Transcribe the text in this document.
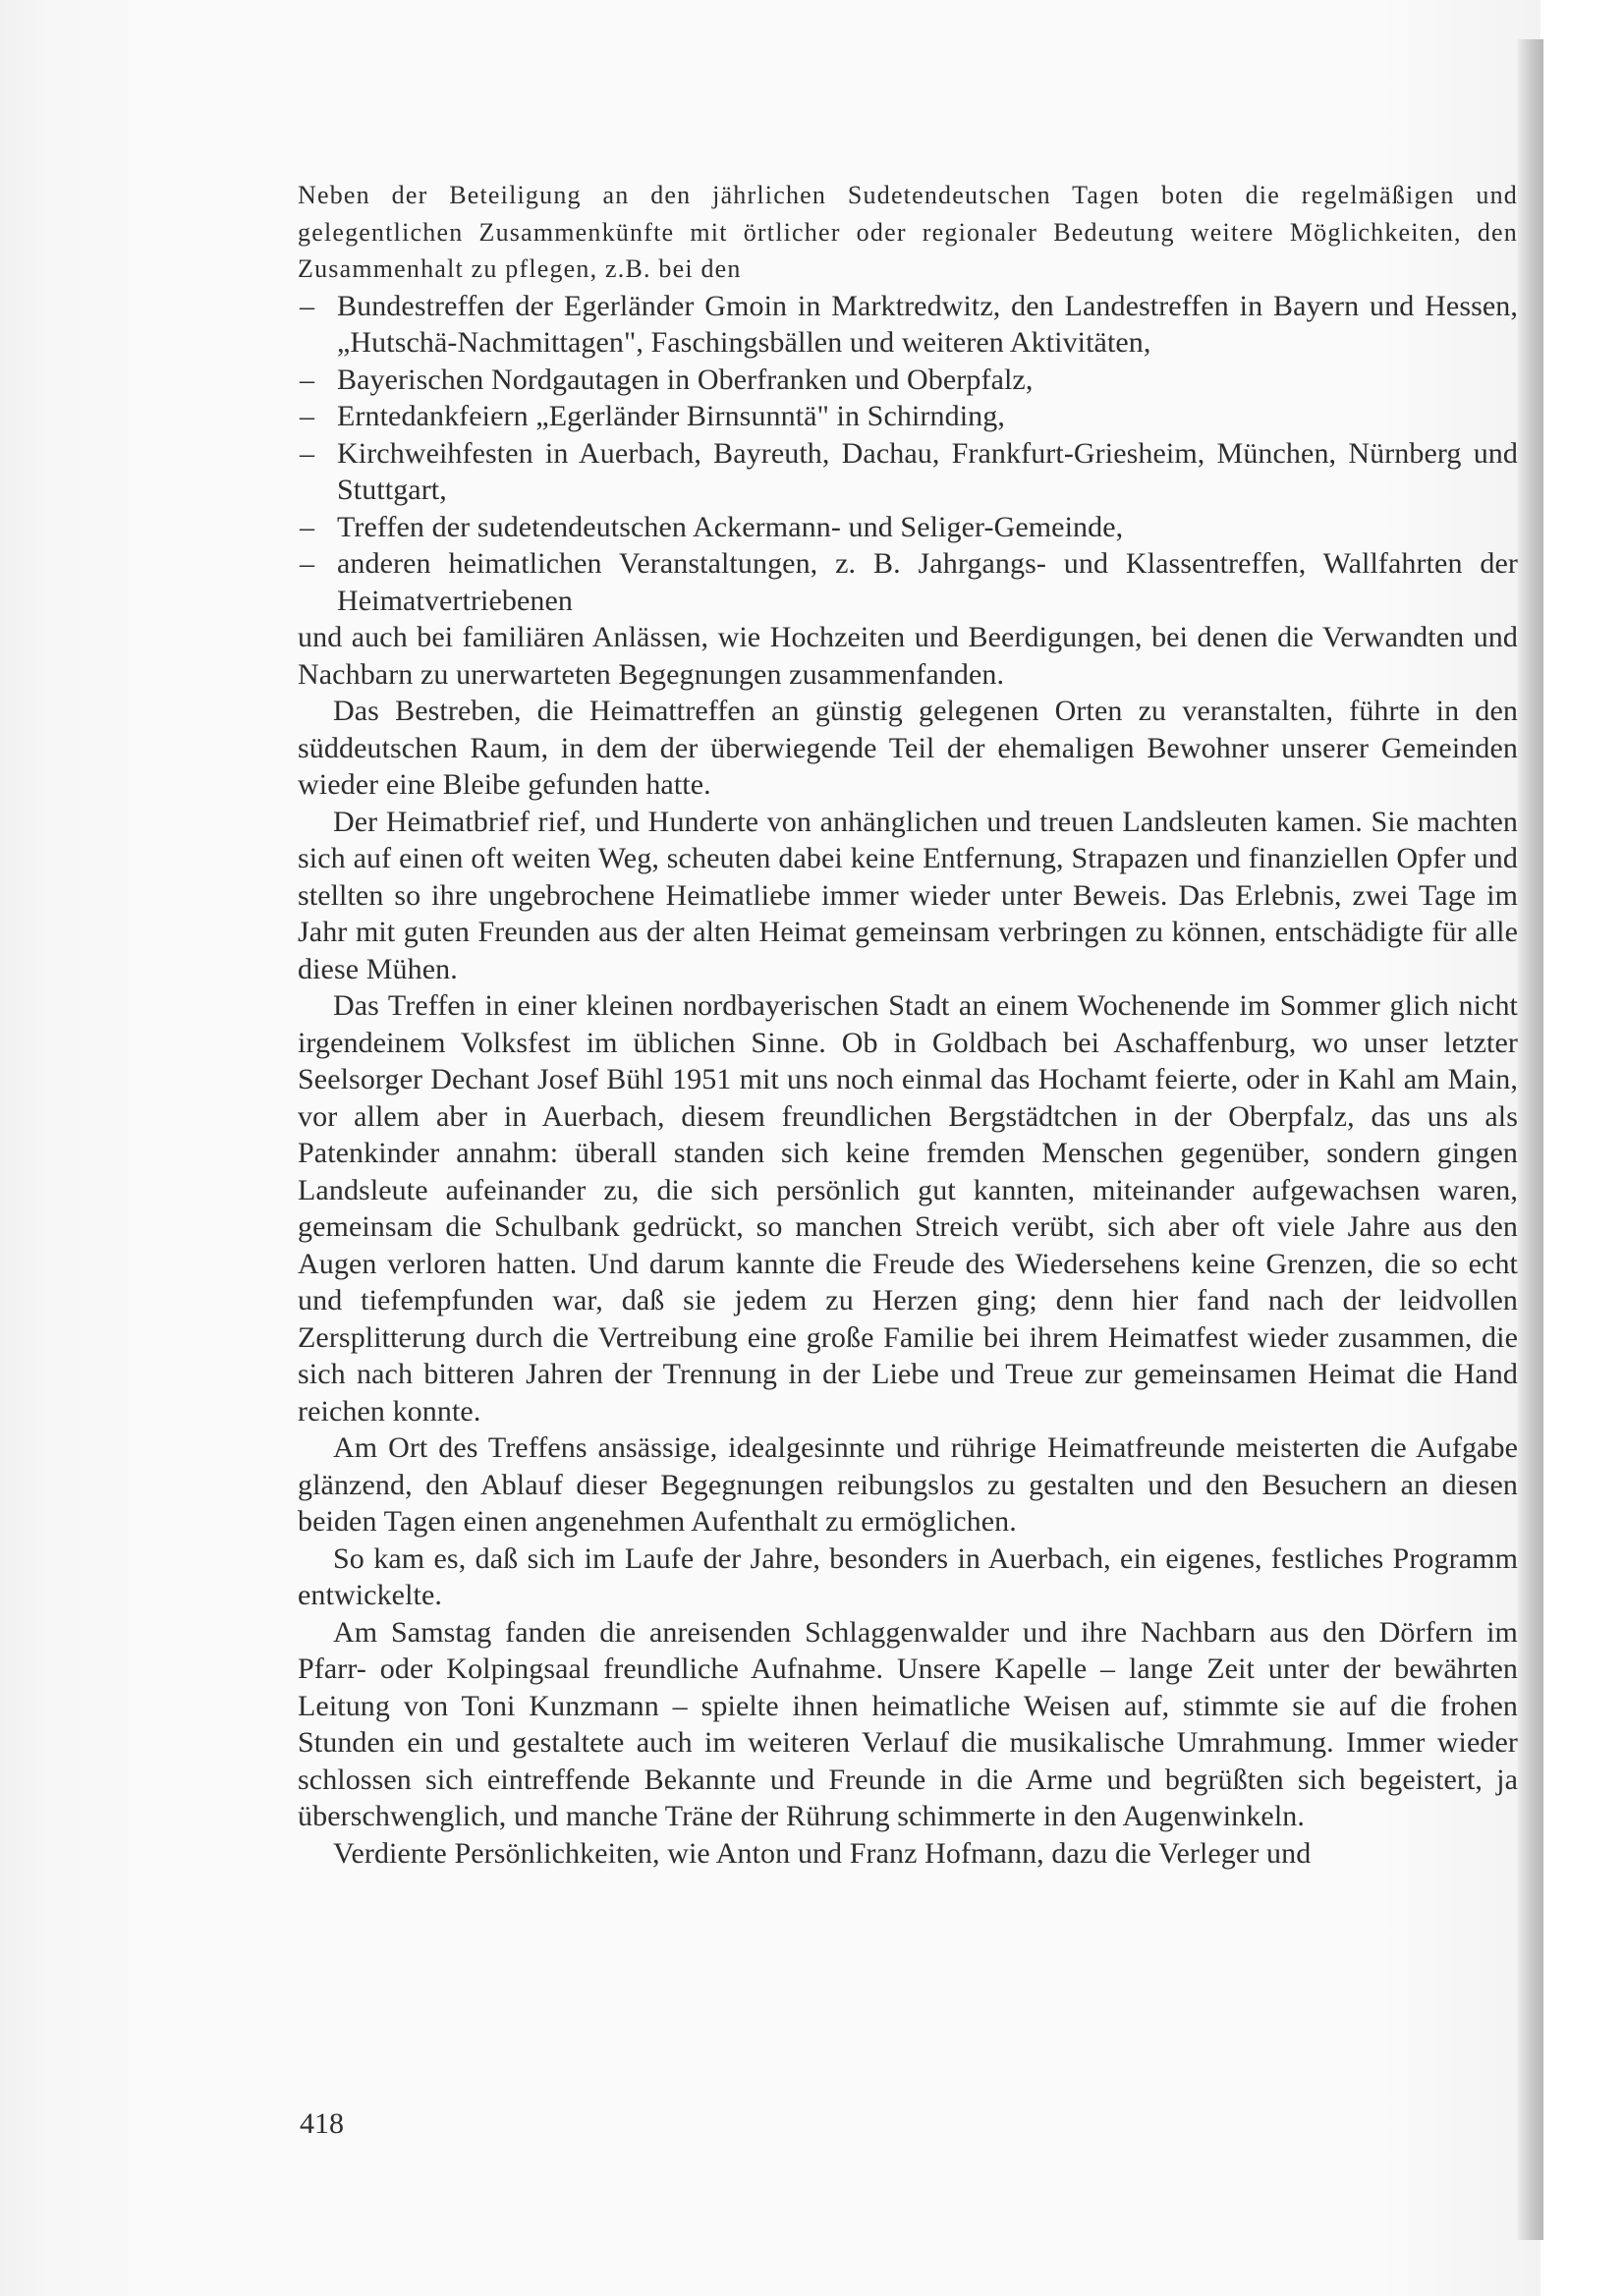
Neben der Beteiligung an den jährlichen Sudetendeutschen Tagen boten die regelmäßigen und gelegentlichen Zusammenkünfte mit örtlicher oder regionaler Bedeutung weitere Möglichkeiten, den Zusammenhalt zu pflegen, z.B. bei den

– Bundestreffen der Egerländer Gmoin in Marktredwitz, den Landestreffen in Bayern und Hessen, „Hutschä-Nachmittagen", Faschingsbällen und weiteren Aktivitäten,
– Bayerischen Nordgautagen in Oberfranken und Oberpfalz,
– Erntedankfeiern „Egerländer Birnsunntä" in Schirnding,
– Kirchweihfesten in Auerbach, Bayreuth, Dachau, Frankfurt-Griesheim, München, Nürnberg und Stuttgart,
– Treffen der sudetendeutschen Ackermann- und Seliger-Gemeinde,
– anderen heimatlichen Veranstaltungen, z. B. Jahrgangs- und Klassentreffen, Wallfahrten der Heimatvertriebenen

und auch bei familiären Anlässen, wie Hochzeiten und Beerdigungen, bei denen die Verwandten und Nachbarn zu unerwarteten Begegnungen zusammenfanden.

Das Bestreben, die Heimattreffen an günstig gelegenen Orten zu veranstalten, führte in den süddeutschen Raum, in dem der überwiegende Teil der ehemaligen Bewohner unserer Gemeinden wieder eine Bleibe gefunden hatte.

Der Heimatbrief rief, und Hunderte von anhänglichen und treuen Landsleuten kamen. Sie machten sich auf einen oft weiten Weg, scheuten dabei keine Entfernung, Strapazen und finanziellen Opfer und stellten so ihre ungebrochene Heimatliebe immer wieder unter Beweis. Das Erlebnis, zwei Tage im Jahr mit guten Freunden aus der alten Heimat gemeinsam verbringen zu können, entschädigte für alle diese Mühen.

Das Treffen in einer kleinen nordbayerischen Stadt an einem Wochenende im Sommer glich nicht irgendeinem Volksfest im üblichen Sinne. Ob in Goldbach bei Aschaffenburg, wo unser letzter Seelsorger Dechant Josef Bühl 1951 mit uns noch einmal das Hochamt feierte, oder in Kahl am Main, vor allem aber in Auerbach, diesem freundlichen Bergstädtchen in der Oberpfalz, das uns als Patenkinder annahm: überall standen sich keine fremden Menschen gegenüber, sondern gingen Landsleute aufeinander zu, die sich persönlich gut kannten, miteinander aufgewachsen waren, gemeinsam die Schulbank gedrückt, so manchen Streich verübt, sich aber oft viele Jahre aus den Augen verloren hatten. Und darum kannte die Freude des Wiedersehens keine Grenzen, die so echt und tiefempfunden war, daß sie jedem zu Herzen ging; denn hier fand nach der leidvollen Zersplitterung durch die Vertreibung eine große Familie bei ihrem Heimatfest wieder zusammen, die sich nach bitteren Jahren der Trennung in der Liebe und Treue zur gemeinsamen Heimat die Hand reichen konnte.

Am Ort des Treffens ansässige, idealgesinnte und rührige Heimatfreunde meisterten die Aufgabe glänzend, den Ablauf dieser Begegnungen reibungslos zu gestalten und den Besuchern an diesen beiden Tagen einen angenehmen Aufenthalt zu ermöglichen.

So kam es, daß sich im Laufe der Jahre, besonders in Auerbach, ein eigenes, festliches Programm entwickelte.

Am Samstag fanden die anreisenden Schlaggenwalder und ihre Nachbarn aus den Dörfern im Pfarr- oder Kolpingsaal freundliche Aufnahme. Unsere Kapelle – lange Zeit unter der bewährten Leitung von Toni Kunzmann – spielte ihnen heimatliche Weisen auf, stimmte sie auf die frohen Stunden ein und gestaltete auch im weiteren Verlauf die musikalische Umrahmung. Immer wieder schlossen sich eintreffende Bekannte und Freunde in die Arme und begrüßten sich begeistert, ja überschwenglich, und manche Träne der Rührung schimmerte in den Augenwinkeln.

Verdiente Persönlichkeiten, wie Anton und Franz Hofmann, dazu die Verleger und

418
